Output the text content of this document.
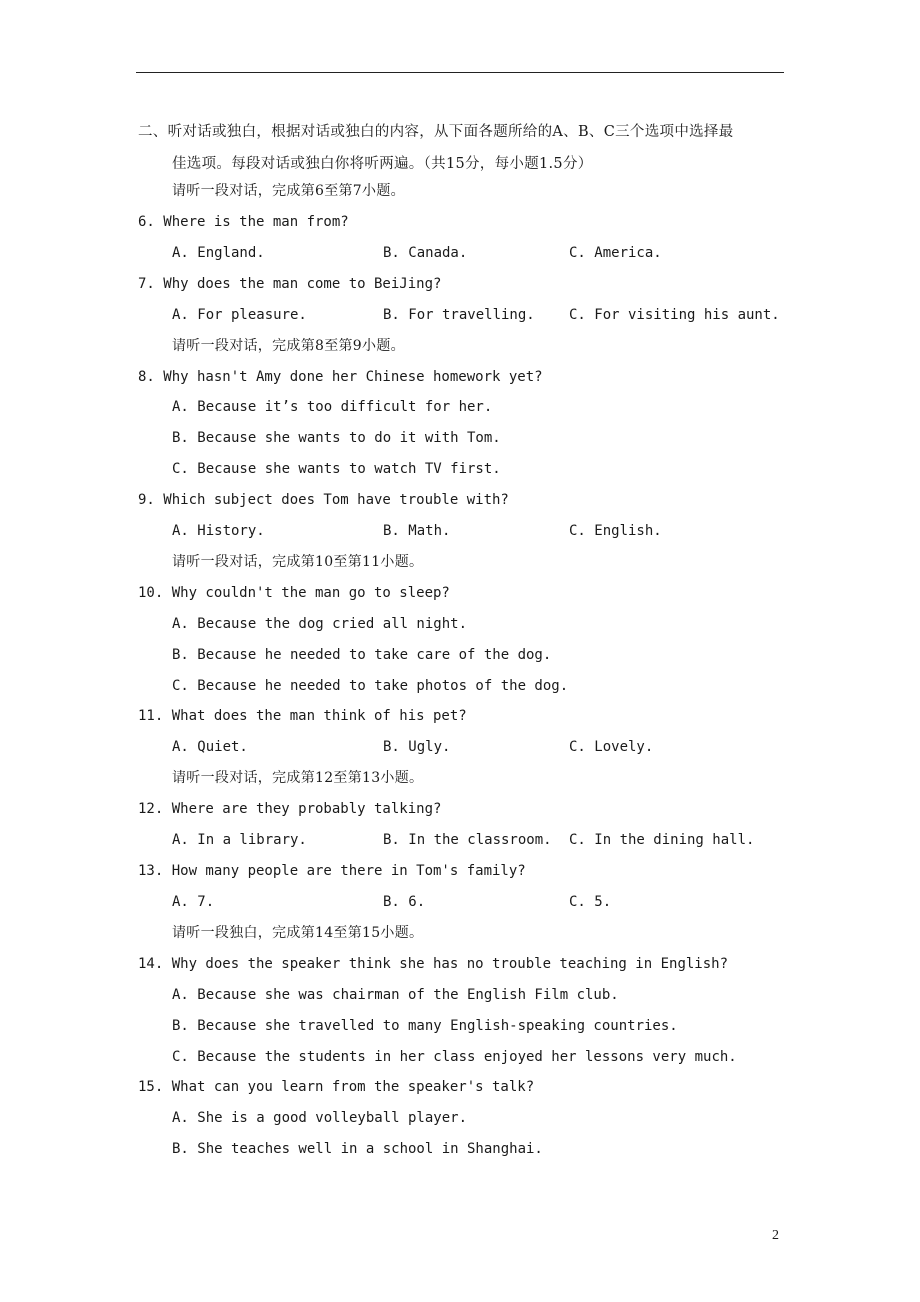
二、听对话或独白，根据对话或独白的内容，从下面各题所给的A、B、C三个选项中选择最
佳选项。每段对话或独白你将听两遍。（共15分，每小题1.5分）
请听一段对话，完成第6至第7小题。
6. Where is the man from?
A. England.	B. Canada.	C. America.
7. Why does the man come to BeiJing?
A. For pleasure.	B. For travelling. C. For visiting his aunt.
请听一段对话，完成第8至第9小题。
8. Why hasn't Amy done her Chinese homework yet?
A. Because it’s too difficult for her.
B. Because she wants to do it with Tom.
C. Because she wants to watch TV first.
9. Which subject does Tom have trouble with?
A. History.	B. Math.	C. English.
请听一段对话，完成第10至第11小题。
10. Why couldn't the man go to sleep?
A. Because the dog cried all night.
B. Because he needed to take care of the dog.
C. Because he needed to take photos of the dog.
11. What does the man think of his pet?
A. Quiet.	B. Ugly.	C. Lovely.
请听一段对话，完成第12至第13小题。
12. Where are they probably talking?
A. In a library.	B. In the classroom. C. In the dining hall.
13. How many people are there in Tom's family?
A. 7.	B. 6.	C. 5.
请听一段独白，完成第14至第15小题。
14. Why does the speaker think she has no trouble teaching in English?
A. Because she was chairman of the English Film club.
B. Because she travelled to many English-speaking countries.
C. Because the students in her class enjoyed her lessons very much.
15. What can you learn from the speaker's talk?
A. She is a good volleyball player.
B. She teaches well in a school in Shanghai.
2
